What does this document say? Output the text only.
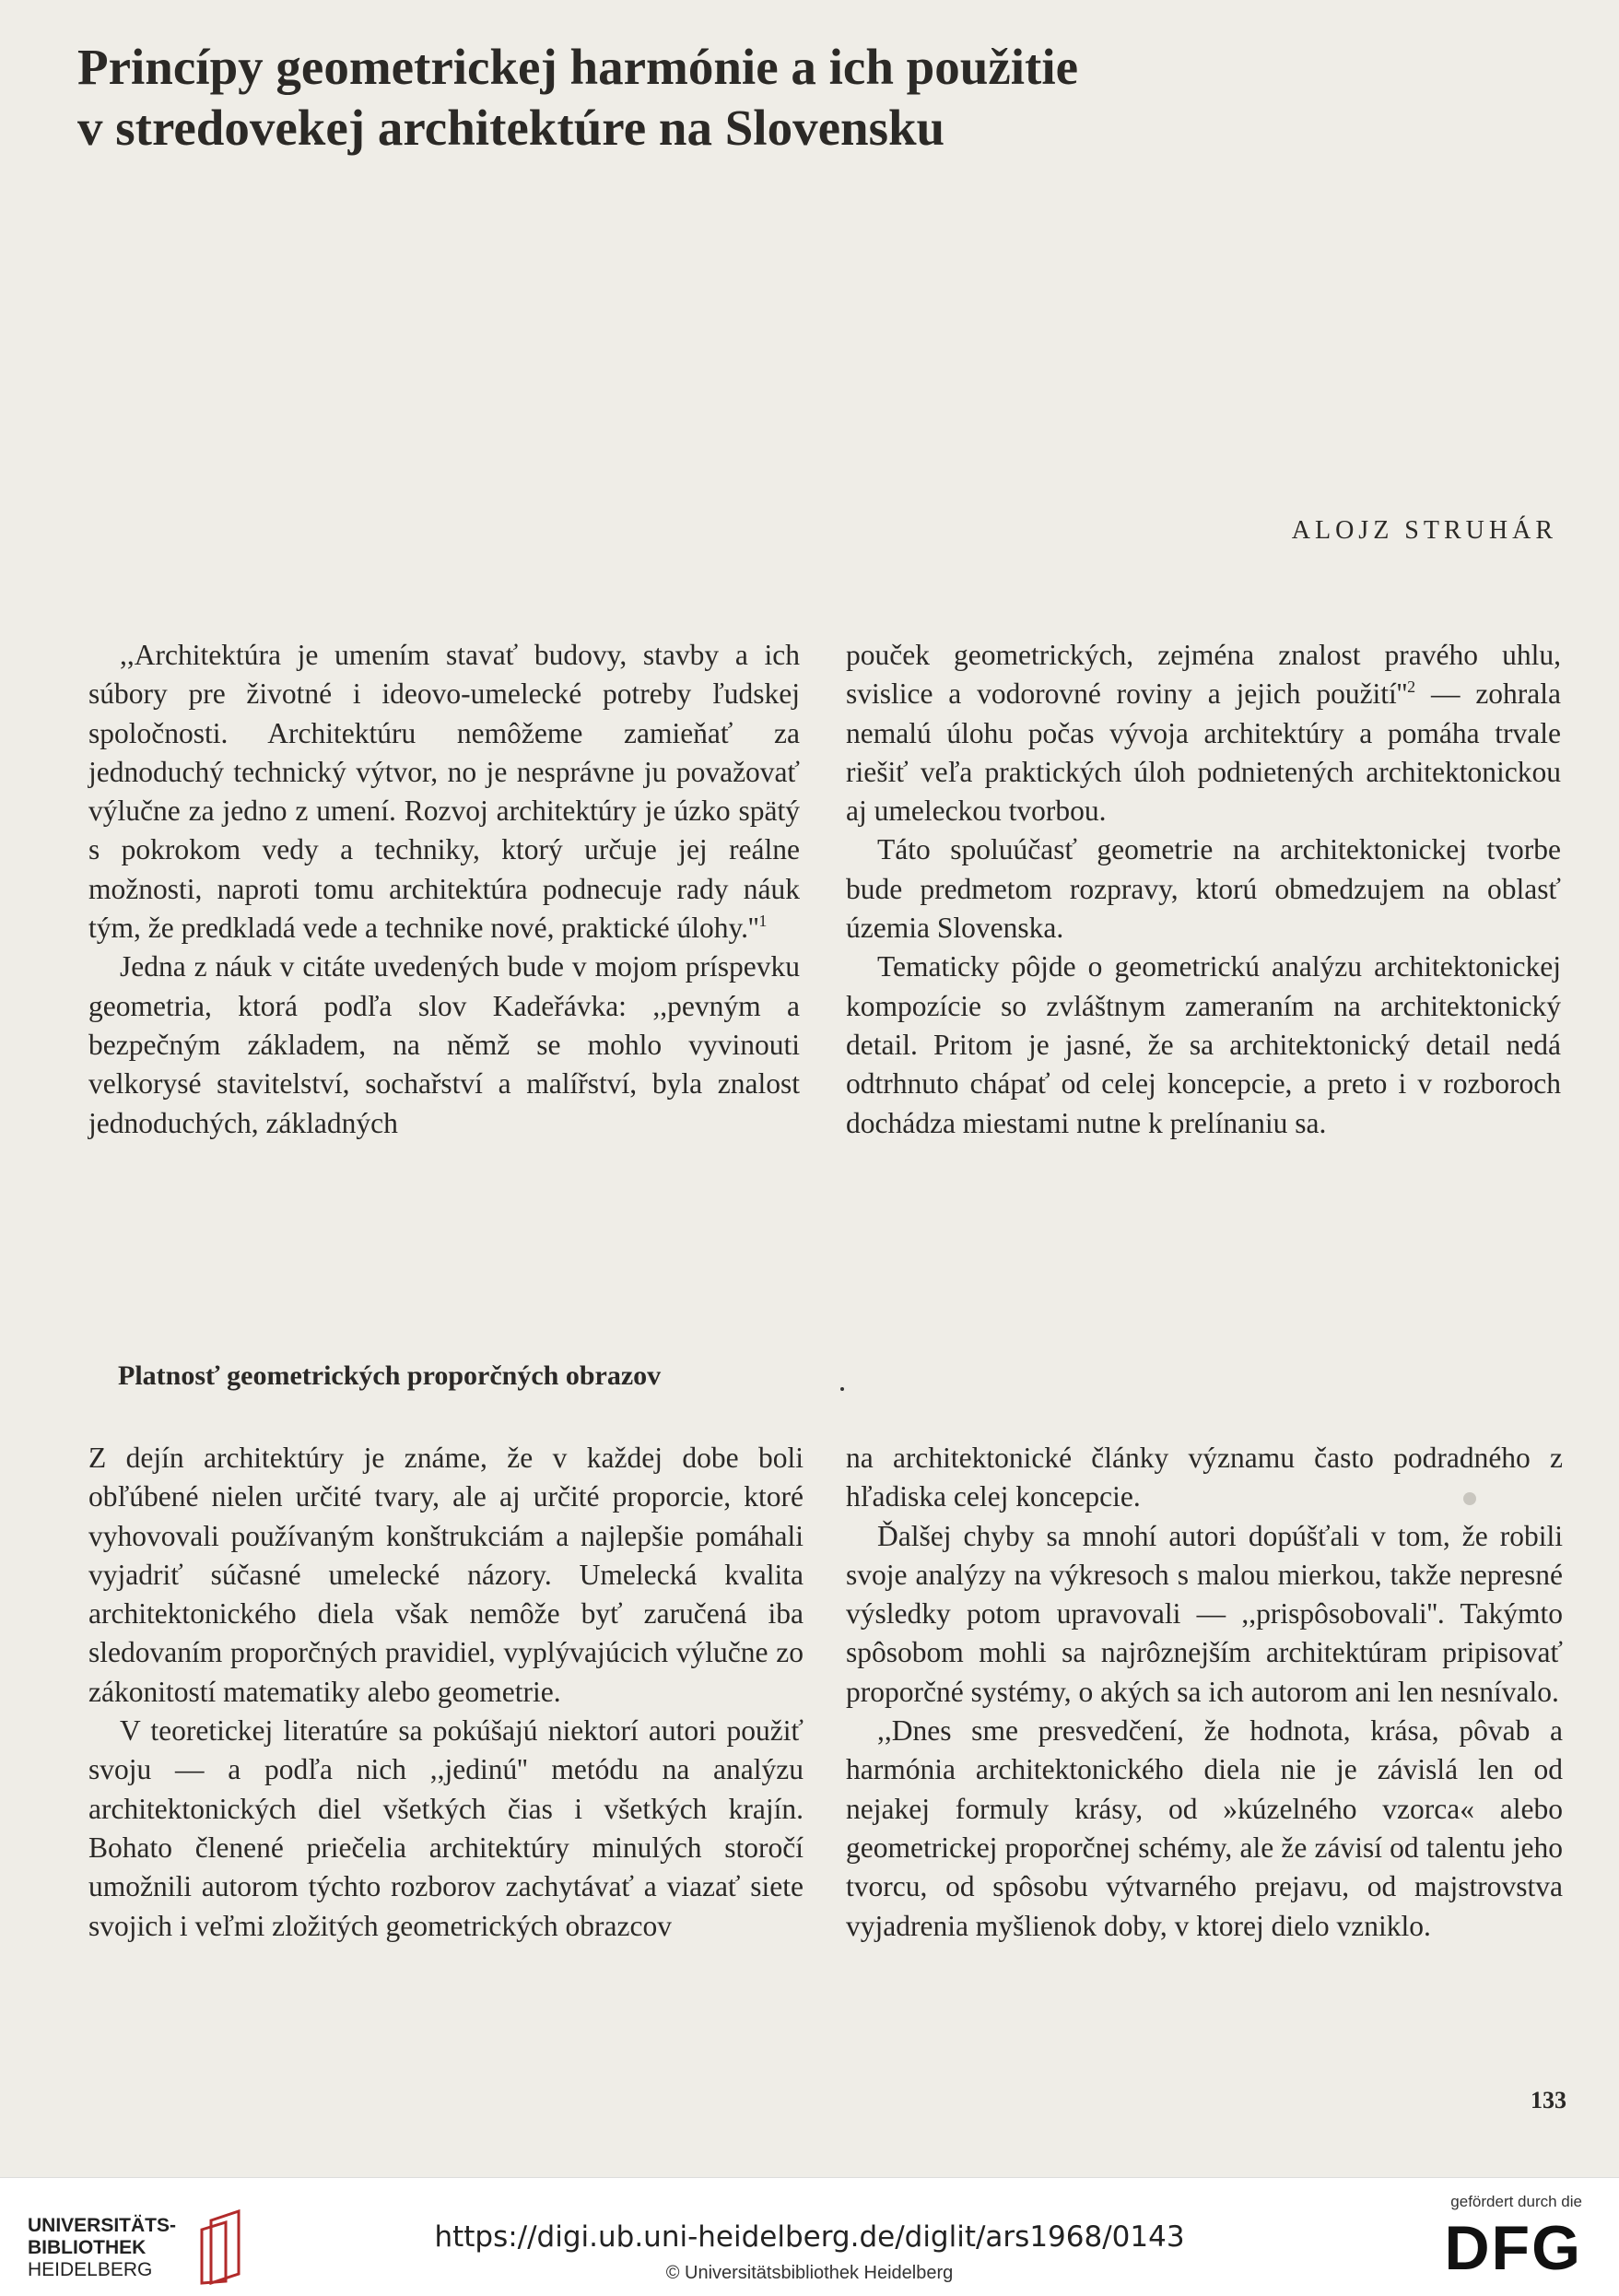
Princípy geometrickej harmónie a ich použitie
v stredovekej architektúre na Slovensku
ALOJZ STRUHÁR

,,Architektúra je umením stavať budovy, stavby a ich súbory pre životné i ideovo-umelecké potreby ľudskej spoločnosti. Architektúru nemôžeme zamieňať za jednoduchý technický výtvor, no je nesprávne ju považovať výlučne za jedno z umení. Rozvoj architektúry je úzko spätý s pokrokom vedy a techniky, ktorý určuje jej reálne možnosti, naproti tomu architektúra podnecuje rady náuk tým, že predkladá vede a technike nové, praktické $úlohy.''^1$

Jedna z náuk v citáte uvedených bude v mojom príspevku geometria, ktorá podľa slov Kadeřávka: ,,pevným a bezpečným základem, na němž se mohlo vyvinouti velkorysé stavitelství, sochařství a malířství, byla znalost jednoduchých, základných

pouček geometrických, zejména znalost pravého uhlu, svislice a vodorovné roviny a jejich $použití''^2$ — zohrala nemalú úlohu počas vývoja architektúry a pomáha trvale riešiť veľa praktických úloh podnietených architektonickou aj umeleckou tvorbou.

Táto spoluúčasť geometrie na architektonickej tvorbe bude predmetom rozpravy, ktorú obmedzujem na oblasť územia Slovenska.

Tematicky pôjde o geometrickú analýzu architektonickej kompozície so zvláštnym zameraním na architektonický detail. Pritom je jasné, že sa architektonický detail nedá odtrhnuto chápať od celej koncepcie, a preto i v rozboroch dochádza miestami nutne k prelínaniu sa.

Platnosť geometrických proporčných obrazov

Z dejín architektúry je známe, že v každej dobe boli obľúbené nielen určité tvary, ale aj určité proporcie, ktoré vyhovovali používaným konštrukciám a najlepšie pomáhali vyjadriť súčasné umelecké názory. Umelecká kvalita architektonického diela však nemôže byť zaručená iba sledovaním proporčných pravidiel, vyplývajúcich výlučne zo zákonitostí matematiky alebo geometrie.

V teoretickej literatúre sa pokúšajú niektorí autori použiť svoju — a podľa nich ,,jedinú'' metódu na analýzu architektonických diel všetkých čias i všetkých krajín. Bohato členené priečelia architektúry minulých storočí umožnili autorom týchto rozborov zachytávať a viazať siete svojich i veľmi zložitých geometrických obrazcov

na architektonické články významu často podradného z hľadiska celej koncepcie.

Ďalšej chyby sa mnohí autori dopúšťali v tom, že robili svoje analýzy na výkresoch s malou mierkou, takže nepresné výsledky potom upravovali — ,,prispôsobovali''. Takýmto spôsobom mohli sa najrôznejším architektúram pripisovať proporčné systémy, o akých sa ich autorom ani len nesnívalo.

,,Dnes sme presvedčení, že hodnota, krása, pôvab a harmónia architektonického diela nie je závislá len od nejakej formuly krásy, od »kúzelného vzorca« alebo geometrickej proporčnej schémy, ale že závisí od talentu jeho tvorcu, od spôsobu výtvarného prejavu, od majstrovstva vyjadrenia myšlienok doby, v ktorej dielo vzniklo.

133
UNIVERSITÄTS-
BIBLIOTHEK
HEIDELBERG
https://digi.ub.uni-heidelberg.de/diglit/ars1968/0143
© Universitätsbibliothek Heidelberg
gefördert durch die
DFG
